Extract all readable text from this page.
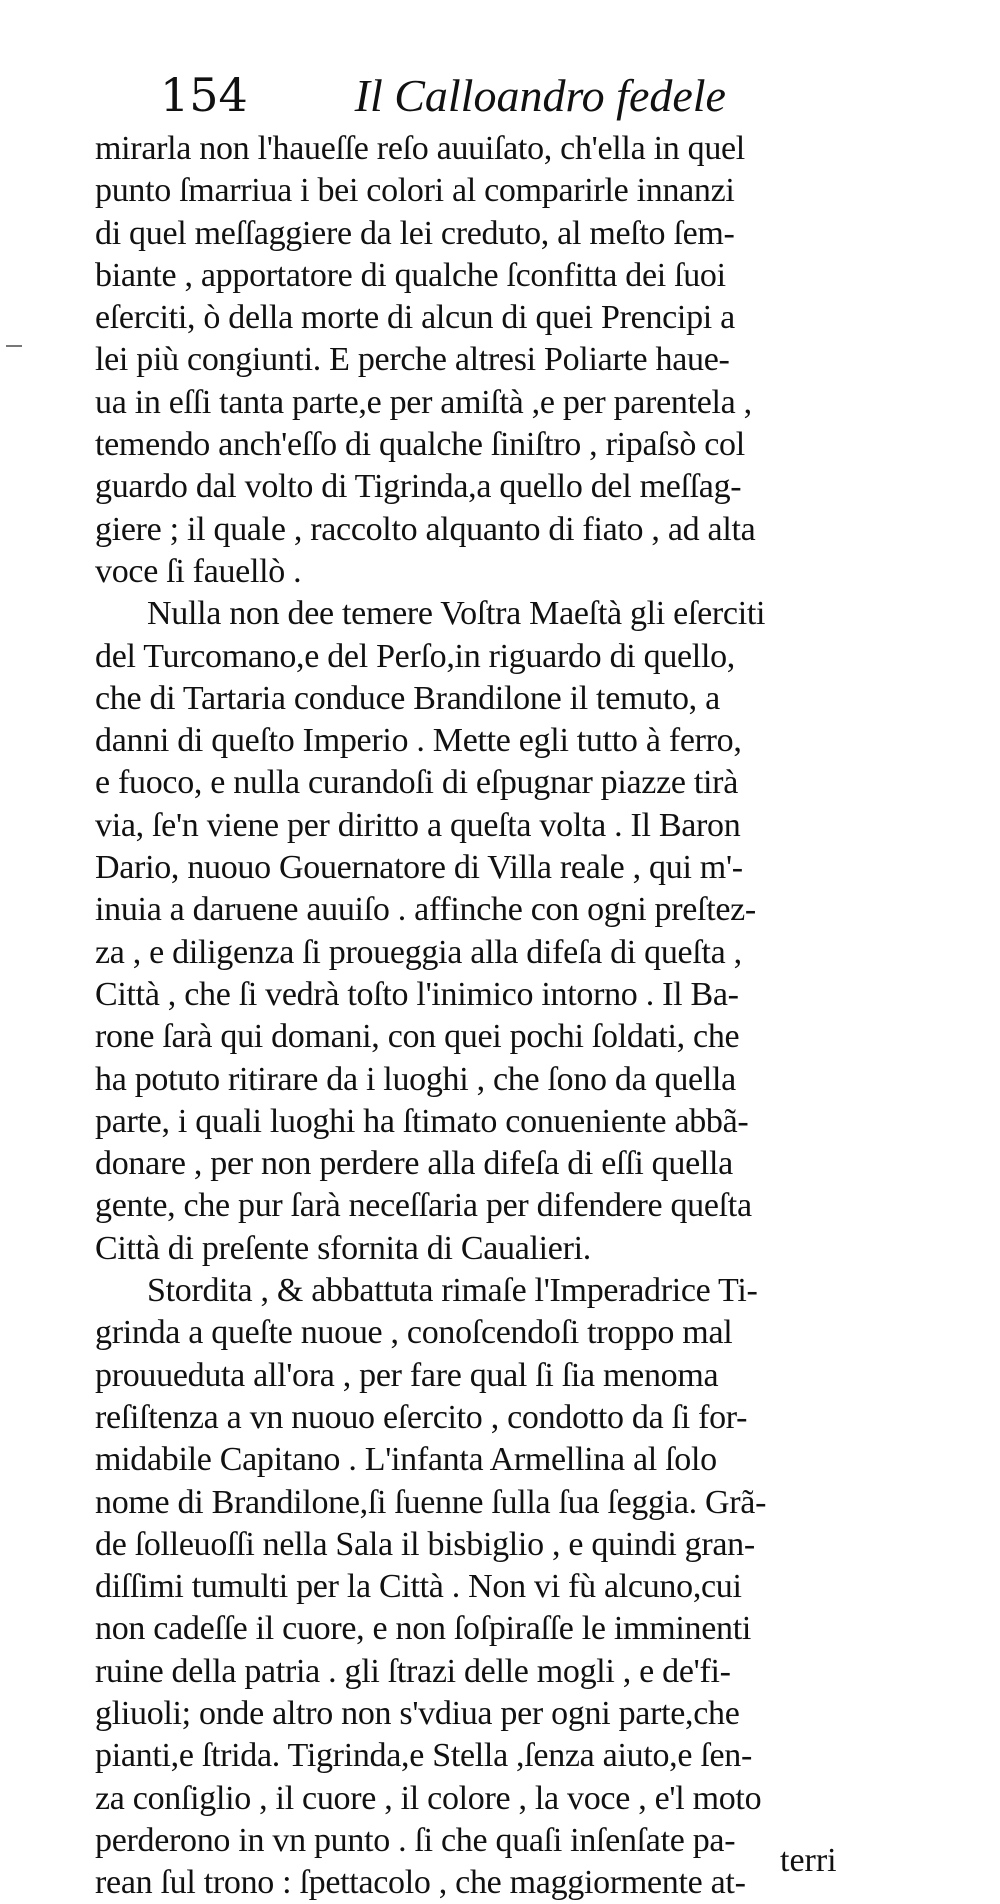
154 Il Calloandro fedele
mirarla non l'haueſſe reſo auuiſato, ch'ella in quel
punto ſmarriua i bei colori al comparirle innanzi
di quel meſſaggiere da lei creduto, al meſto ſem-
biante , apportatore di qualche ſconfitta dei ſuoi
eſerciti, ò della morte di alcun di quei Prencipi a
lei più congiunti. E perche altresi Poliarte haue-
ua in eſſi tanta parte,e per amiſtà ,e per parentela ,
temendo anch'eſſo di qualche ſiniſtro , ripaſsò col
guardo dal volto di Tigrinda,a quello del meſſag-
giere ; il quale , raccolto alquanto di fiato , ad alta
voce ſi fauellò .
Nulla non dee temere Voſtra Maeſtà gli eſerciti
del Turcomano,e del Perſo,in riguardo di quello,
che di Tartaria conduce Brandilone il temuto, a
danni di queſto Imperio . Mette egli tutto à ferro,
e fuoco, e nulla curandoſi di eſpugnar piazze tirà
via, ſe'n viene per diritto a queſta volta . Il Baron
Dario, nuouo Gouernatore di Villa reale , qui m'-
inuia a daruene auuiſo . affinche con ogni preſtez-
za , e diligenza ſi proueggia alla difeſa di queſta ,
Città , che ſi vedrà toſto l'inimico intorno . Il Ba-
rone ſarà qui domani, con quei pochi ſoldati, che
ha potuto ritirare da i luoghi , che ſono da quella
parte, i quali luoghi ha ſtimato conueniente abbã-
donare , per non perdere alla difeſa di eſſi quella
gente, che pur ſarà neceſſaria per difendere queſta
Città di preſente sfornita di Caualieri.
Stordita , & abbattuta rimaſe l'Imperadrice Ti-
grinda a queſte nuoue , conoſcendoſi troppo mal
prouueduta all'ora , per fare qual ſi ſia menoma
reſiſtenza a vn nuouo eſercito , condotto da ſi for-
midabile Capitano . L'infanta Armellina al ſolo
nome di Brandilone,ſi ſuenne ſulla ſua ſeggia. Grã-
de ſolleuoſſi nella Sala il bisbiglio , e quindi gran-
diſſimi tumulti per la Città . Non vi fù alcuno,cui
non cadeſſe il cuore, e non ſoſpiraſſe le imminenti
ruine della patria . gli ſtrazi delle mogli , e de'fi-
gliuoli; onde altro non s'vdiua per ogni parte,che
pianti,e ſtrida. Tigrinda,e Stella ,ſenza aiuto,e ſen-
za conſiglio , il cuore , il colore , la voce , e'l moto
perderono in vn punto . ſi che quaſi inſenſate pa-
rean ſul trono : ſpettacolo , che maggiormente at-
terri
